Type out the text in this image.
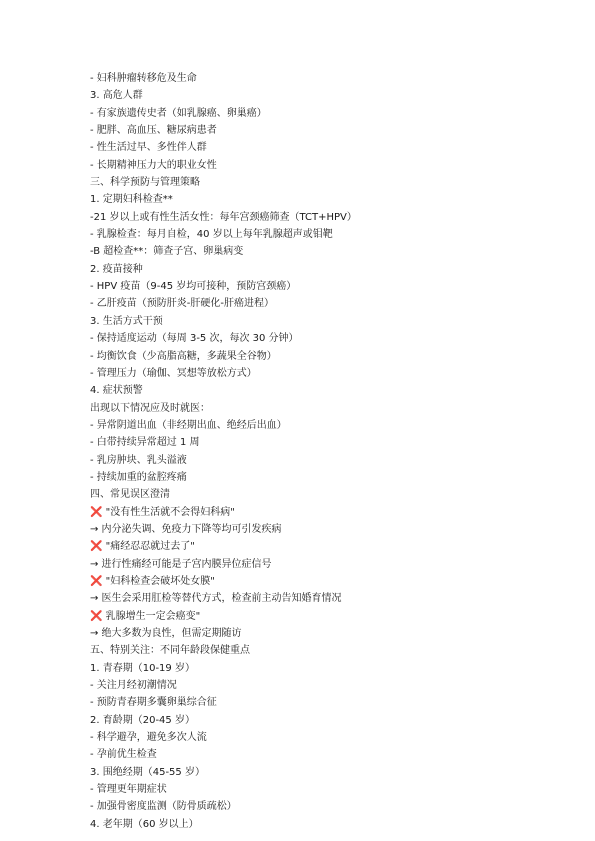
- 妇科肿瘤转移危及生命
3. 高危人群
- 有家族遗传史者（如乳腺癌、卵巢癌）
- 肥胖、高血压、糖尿病患者
- 性生活过早、多性伴人群
- 长期精神压力大的职业女性
三、科学预防与管理策略
1. 定期妇科检查**
-21 岁以上或有性生活女性：每年宫颈癌筛查（TCT+HPV）
- 乳腺检查：每月自检，40 岁以上每年乳腺超声或钼靶
-B 超检查**：筛查子宫、卵巢病变
2. 疫苗接种
- HPV 疫苗（9-45 岁均可接种，预防宫颈癌）
- 乙肝疫苗（预防肝炎-肝硬化-肝癌进程）
3. 生活方式干预
- 保持适度运动（每周 3-5 次，每次 30 分钟）
- 均衡饮食（少高脂高糖，多蔬果全谷物）
- 管理压力（瑜伽、冥想等放松方式）
4. 症状预警
出现以下情况应及时就医：
- 异常阴道出血（非经期出血、绝经后出血）
- 白带持续异常超过 1 周
- 乳房肿块、乳头溢液
- 持续加重的盆腔疼痛
四、常见误区澄清
❌ "没有性生活就不会得妇科病"
→ 内分泌失调、免疫力下降等均可引发疾病
❌ "痛经忍忍就过去了"
→ 进行性痛经可能是子宫内膜异位症信号
❌ "妇科检查会破坏处女膜"
→ 医生会采用肛检等替代方式，检查前主动告知婚育情况
❌ 乳腺增生一定会癌变"
→ 绝大多数为良性，但需定期随访
五、特别关注：不同年龄段保健重点
1. 青春期（10-19 岁）
- 关注月经初潮情况
- 预防青春期多囊卵巢综合征
2. 育龄期（20-45 岁）
- 科学避孕，避免多次人流
- 孕前优生检查
3. 围绝经期（45-55 岁）
- 管理更年期症状
- 加强骨密度监测（防骨质疏松）
4. 老年期（60 岁以上）
